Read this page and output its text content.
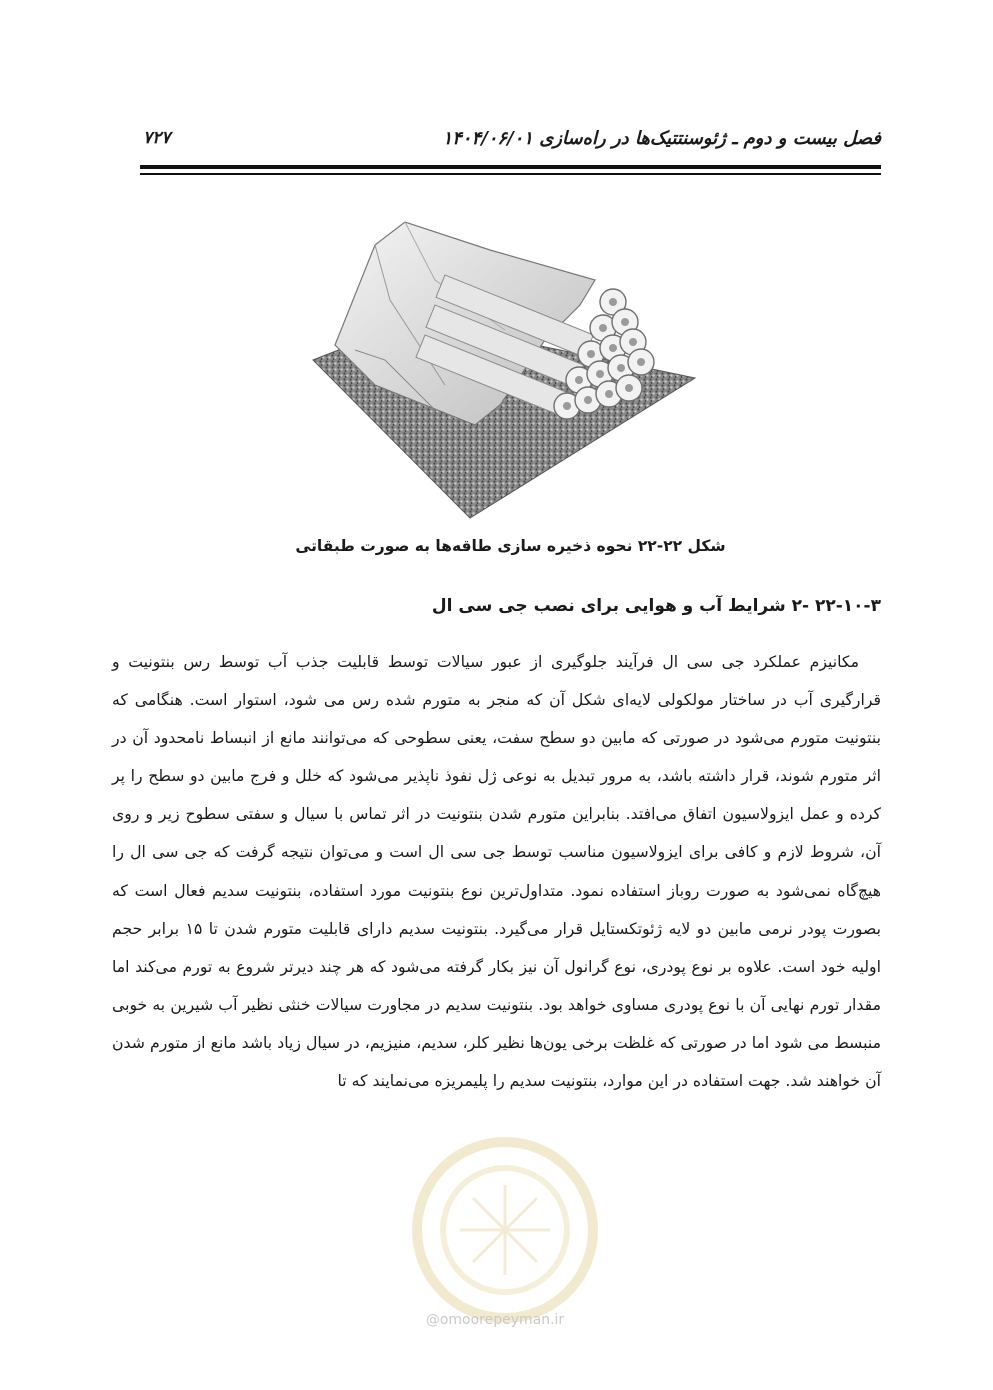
فصل بیست و دوم ـ ژئوسنتتیک‌ها در راه‌سازی ۱۴۰۴/۰۶/۰۱
۷۲۷
شکل ۲۲-۲۲ نحوه ذخیره سازی طاقه‌ها به صورت طبقاتی
۲۲-۱۰-۳ -۲ شرایط آب و هوایی برای نصب جی سی ال

مکانیزم عملکرد جی سی ال فرآیند جلوگیری از عبور سیالات توسط قابلیت جذب آب توسط رس بنتونیت و قرارگیری آب در ساختار مولکولی لایه‌ای شکل آن که منجر به متورم شده رس می شود، استوار است. هنگامی که بنتونیت متورم می‌شود در صورتی که مابین دو سطح سفت، یعنی سطوحی که می‌توانند مانع از انبساط نامحدود آن در اثر متورم شوند، قرار داشته باشد، به مرور تبدیل به نوعی ژل نفوذ ناپذیر می‌شود که خلل و فرج مابین دو سطح را پر کرده و عمل ایزولاسیون اتفاق می‌افتد. بنابراین متورم شدن بنتونیت در اثر تماس با سیال و سفتی سطوح زیر و روی آن، شروط لازم و کافی برای ایزولاسیون مناسب توسط جی سی ال است و می‌توان نتیجه گرفت که جی سی ال را هیچ‌گاه نمی‌شود به صورت روباز استفاده نمود. متداول‌ترین نوع بنتونیت مورد استفاده، بنتونیت سدیم فعال است که بصورت پودر نرمی مابین دو لایه ژئوتکستایل قرار می‌گیرد. بنتونیت سدیم دارای قابلیت متورم شدن تا ۱۵ برابر حجم اولیه خود است. علاوه بر نوع پودری، نوع گرانول آن نیز بکار گرفته می‌شود که هر چند دیرتر شروع به تورم می‌کند اما مقدار تورم نهایی آن با نوع پودری مساوی خواهد بود. بنتونیت سدیم در مجاورت سیالات خنثی نظیر آب شیرین به خوبی منبسط می شود اما در صورتی که غلظت برخی یون‌ها نظیر کلر، سدیم، منیزیم، در سیال زیاد باشد مانع از متورم شدن آن خواهند شد. جهت استفاده در این موارد، بنتونیت سدیم را پلیمریزه می‌نمایند که تا

@omoorepeyman.ir
